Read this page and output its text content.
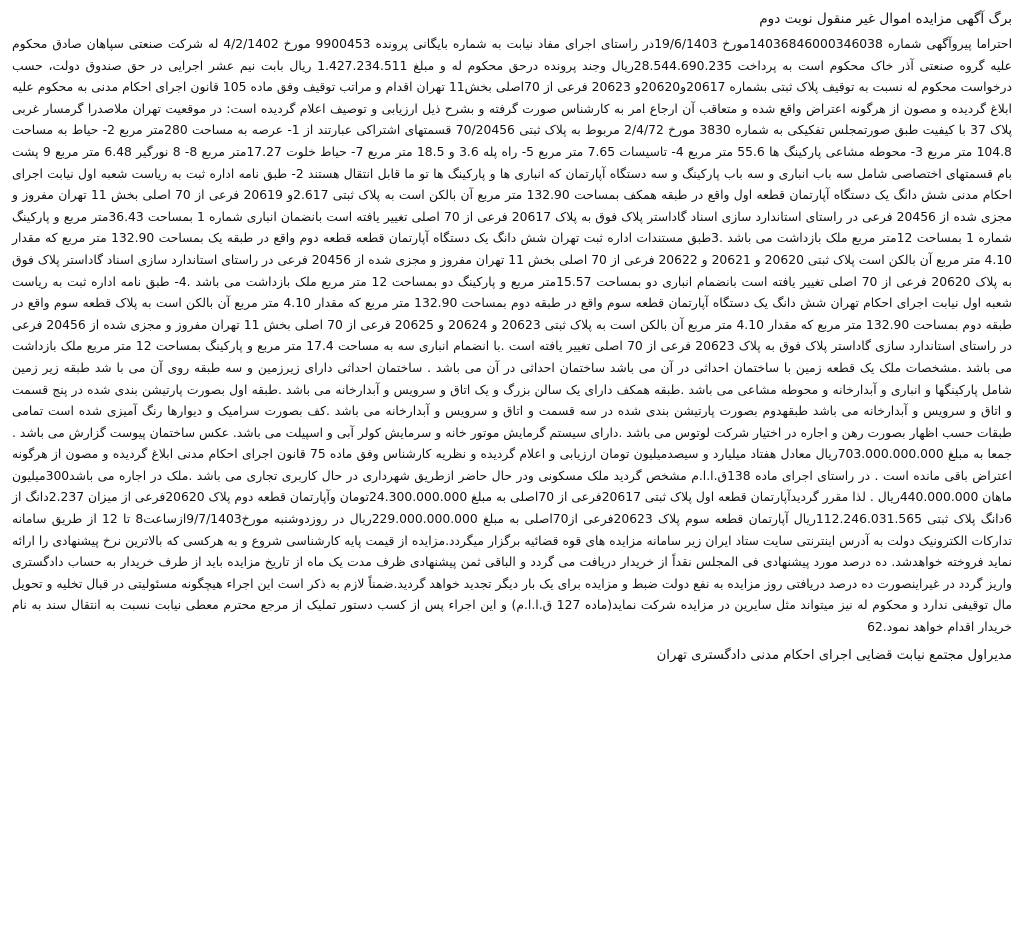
برگ آگهی مزایده اموال غیر منقول نوبت دوم

احتراما پیروآگهی شماره 14036846000346038مورخ 19/6/1403در راستای اجرای مفاد نیابت به شماره بایگانی پرونده 9900453 مورخ 4/2/1402 له شرکت صنعتی سپاهان صادق محکوم علیه گروه صنعتی آذر خاک محکوم است به پرداخت 28.544.690.235ریال وجند پرونده درحق محکوم له و مبلغ 1.427.234.511 ریال بابت نیم عشر اجرایی در حق صندوق دولت، حسب درخواست محکوم له نسبت به توقیف پلاک ثبتی بشماره 20617و20620و 20623 فرعی از 70اصلی بخش11 تهران اقدام و مراتب توقیف وفق ماده 105 قانون اجرای احکام مدنی به محکوم علیه ابلاغ گردیده و مصون از هرگونه اعتراض واقع شده و متعاقب آن ارجاع امر به کارشناس صورت گرفته و بشرح ذیل ارزیابی و توصیف اعلام گردیده است: در موقعیت تهران ملاصدرا گرمسار غربی پلاک 37 با کیفیت طبق صورتمجلس تفکیکی به شماره 3830 مورخ 2/4/72 مربوط به پلاک ثبتی 70/20456 قسمتهای اشتراکی عبارتند از 1- عرصه به مساحت 280متر مربع 2- حیاط به مساحت 104.8 متر مربع 3- محوطه مشاعی پارکینگ ها 55.6 متر مربع 4- تاسیسات 7.65 متر مربع 5- راه پله 3.6 و 18.5 متر مربع 7- حیاط خلوت 17.27متر مربع 8- 8 نورگیر 6.48 متر مربع 9 پشت بام قسمتهای اختصاصی شامل سه باب انباری و سه باب پارکینگ و سه دستگاه آپارتمان که انباری ها و پارکینگ ها تو ما قابل انتقال هستند 2- طبق نامه اداره ثبت به ریاست شعبه اول نیابت اجرای احکام مدنی شش دانگ یک دستگاه آپارتمان قطعه اول واقع در طبقه همکف بمساحت 132.90 متر مربع آن بالکن است به پلاک ثبتی 2.617و 20619 فرعی از 70 اصلی بخش 11 تهران مفروز و مجزی شده از 20456 فرعی در راستای استاندارد سازی اسناد گاداستر پلاک فوق به پلاک 20617 فرعی از 70 اصلی تغییر یافته است بانضمان انباری شماره 1 بمساحت 36.43متر مربع و پارکینگ شماره 1 بمساحت 12متر مربع ملک بازداشت می باشد .3طبق مستندات اداره ثبت تهران شش دانگ یک دستگاه آپارتمان قطعه قطعه دوم واقع در طبقه یک بمساحت 132.90 متر مربع که مقدار 4.10 متر مربع آن بالکن است پلاک ثبتی 20620 و 20621 و 20622 فرعی از 70 اصلی بخش 11 تهران مفروز و مجزی شده از 20456 فرعی در راستای استاندارد سازی اسناد گاداستر پلاک فوق به پلاک 20620 فرعی از 70 اصلی تغییر یافته است بانضمام انباری دو بمساحت 15.57متر مربع و پارکینگ دو بمساحت 12 متر مربع ملک بازداشت می باشد .4- طبق نامه اداره ثبت به ریاست شعبه اول نیابت اجرای احکام تهران شش دانگ یک دستگاه آپارتمان قطعه سوم واقع در طبقه دوم بمساحت 132.90 متر مربع که مقدار 4.10 متر مربع آن بالکن است به پلاک قطعه سوم واقع در طبقه دوم بمساحت 132.90 متر مربع که مقدار 4.10 متر مربع آن بالکن است به پلاک ثبتی 20623 و 20624 و 20625 فرعی از 70 اصلی بخش 11 تهران مفروز و مجزی شده از 20456 فرعی در راستای استاندارد سازی گاداستر پلاک فوق به پلاک 20623 فرعی از 70 اصلی تغییر یافته است .با انضمام انباری سه به مساحت 17.4 متر مربع و پارکینگ بمساحت 12 متر مربع ملک بازداشت می باشد .مشخصات ملک یک قطعه زمین با ساختمان احداثی در آن می باشد ساختمان احداثی در آن می باشد . ساختمان احداثی دارای زیرزمین و سه طبقه روی آن می با شد طبقه زیر زمین شامل پارکینگها و انباری و آبدارخانه و محوطه مشاعی می باشد .طبقه همکف دارای یک سالن بزرگ و یک اتاق و سرویس و آبدارخانه می باشد .طبقه اول بصورت پارتیشن بندی شده در پنج قسمت و اتاق و سرویس و آبدارخانه می باشد طبقهدوم بصورت پارتیشن بندی شده در سه قسمت و اتاق و سرویس و آبدارخانه می باشد .کف بصورت سرامیک و دیوارها رنگ آمیزی شده است تمامی طبقات حسب اظهار بصورت رهن و اجاره در اختیار شرکت لوتوس می باشد .دارای سیستم گرمایش موتور خانه و سرمایش کولر آبی و اسپیلت می باشد. عکس ساختمان پیوست گزارش می باشد . جمعا به مبلغ 703.000.000.000ریال معادل هفتاد میلیارد و سیصدمیلیون تومان ارزیابی و اعلام گردیده و نظریه کارشناس وفق ماده 75 قانون اجرای احکام مدنی ابلاغ گردیده و مصون از هرگونه اعتراض باقی مانده است . در راستای اجرای ماده 138ق.ا.ا.م مشخص گردید ملک مسکونی ودر حال حاضر ازطریق شهرداری در حال کاربری تجاری می باشد .ملک در اجاره می باشد300میلیون ماهان 440.000.000ریال . لذا مقرر گردیدآپارتمان قطعه اول پلاک ثبتی 20617فرعی از 70اصلی به مبلغ 24.300.000.000تومان وآپارتمان قطعه دوم پلاک 20620فرعی از میزان 2.237دانگ از 6دانگ پلاک ثبتی 112.246.031.565ریال آپارتمان قطعه سوم پلاک 20623فرعی از70اصلی به مبلغ 229.000.000.000ریال در روزدوشنبه مورخ9/7/1403ازساعت8 تا 12 از طریق سامانه تدارکات الکترونیک دولت به آدرس اینترنتی سایت ستاد ایران زیر سامانه مزایده های قوه قضائیه برگزار میگردد.مزایده از قیمت پایه کارشناسی شروع و به هرکسی که بالاترین نرخ پیشنهادی را ارائه نماید فروخته خواهدشد. ده درصد مورد پیشنهادی فی المجلس نقداً از خریدار دریافت می گردد و الباقی ثمن پیشنهادی ظرف مدت یک ماه از تاریخ مزایده باید از طرف خریدار به حساب دادگستری واریز گردد در غیراینصورت ده درصد دریافتی روز مزایده به نفع دولت ضبط و مزایده برای یک بار دیگر تجدید خواهد گردید.ضمناً لازم به ذکر است این اجراء هیچگونه مسئولیتی در قبال تخلیه و تحویل مال توقیفی ندارد و محکوم له نیز میتواند مثل سایرین در مزایده شرکت نماید(ماده 127 ق.ا.ا.م) و این اجراء پس از کسب دستور تملیک از مرجع محترم معطی نیابت نسبت به انتقال سند به نام خریدار اقدام خواهد نمود.62

مدیراول مجتمع نیابت قضایی اجرای احکام مدنی دادگستری تهران
